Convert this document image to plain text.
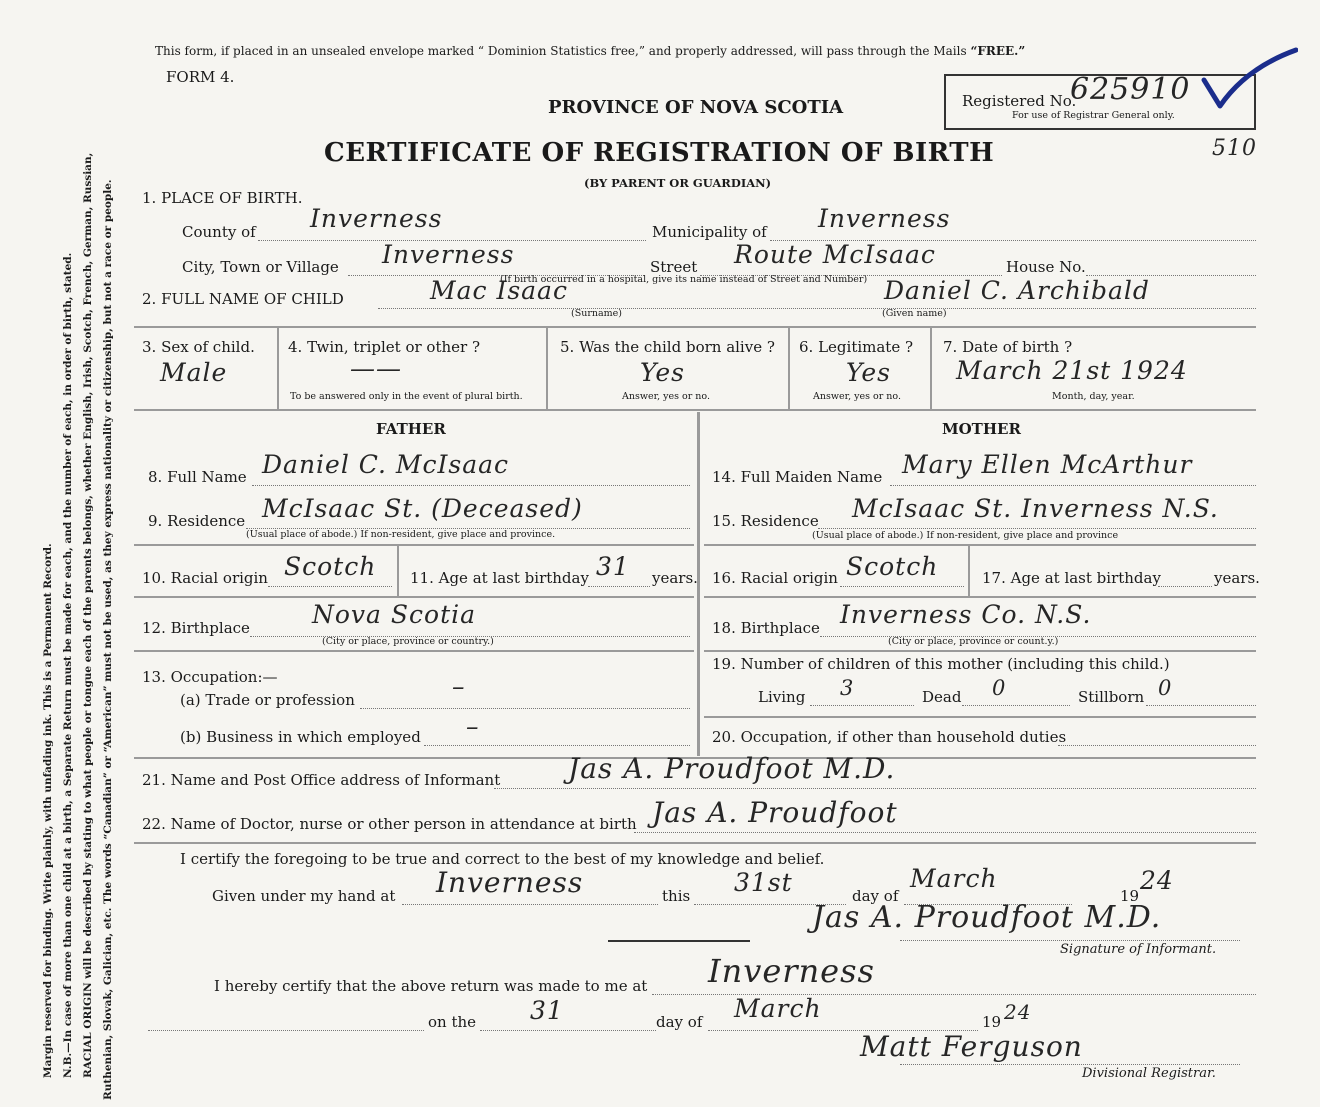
Margin reserved for binding. Write plainly, with unfading ink. This is a Permanent Record. N.B.—In case of more than one child at a birth, a Separate Return must be made for each, and the number of each, in order of birth, stated. RACIAL ORIGIN will be described by stating to what people or tongue each of the parents belongs, whether English, Irish, Scotch, French, German, Russian, Ruthenian, Slovak, Galician, etc. The words “Canadian” or “American” must not be used, as they express nationality or citizenship, but not a race or people.
This form, if placed in an unsealed envelope marked “ Dominion Statistics free,” and properly addressed, will pass through the Mails “FREE.”
FORM 4.
PROVINCE OF NOVA SCOTIA
CERTIFICATE OF REGISTRATION OF BIRTH
(BY PARENT OR GUARDIAN)
Registered No.
625910
For use of Registrar General only.
510
1. PLACE OF BIRTH.
County of Inverness	Municipality of Inverness
City, Town or Village Inverness	Street Route McIsaac	House No.
(If birth occurred in a hospital, give its name instead of Street and Number)
2. FULL NAME OF CHILD	Mac Isaac
(Surname)
Daniel C. Archibald
(Given name)
3. Sex of child.
Male
4. Twin, triplet or other ?
——
To be answered only in the event of plural birth.
5. Was the child born alive ?
Yes
Answer, yes or no.
6. Legitimate ?
Yes
Answer, yes or no.
7. Date of birth ?
March 21st 1924
Month, day, year.
FATHER
8. Full Name Daniel C. McIsaac
9. Residence McIsaac St. (Deceased)
(Usual place of abode.) If non-resident, give place and province.
10. Racial origin Scotch 11. Age at last birthday 31 years.
12. Birthplace Nova Scotia
(City or place, province or country.)
13. Occupation:—
(a) Trade or profession	–
(b) Business in which employed –
MOTHER
14. Full Maiden Name Mary Ellen McArthur
15. Residence McIsaac St. Inverness N.S.
(Usual place of abode.) If non-resident, give place and province
16. Racial origin Scotch	17. Age at last birthday	years.
18. Birthplace Inverness Co. N.S.
(City or place, province or count.y.)
19. Number of children of this mother (including this child.)
Living 3	Dead 0	Stillborn 0
20. Occupation, if other than household duties
21. Name and Post Office address of Informant Jas A. Proudfoot M.D.
22. Name of Doctor, nurse or other person in attendance at birth Jas A. Proudfoot
I certify the foregoing to be true and correct to the best of my knowledge and belief.
Given under my hand at Inverness	this 31st	day of
March
19
24
Jas A. Proudfoot M.D.
Signature of Informant.
I hereby certify that the above return was made to me at Inverness
on the 31	day of March	19 24
Matt Ferguson
Divisional Registrar.
